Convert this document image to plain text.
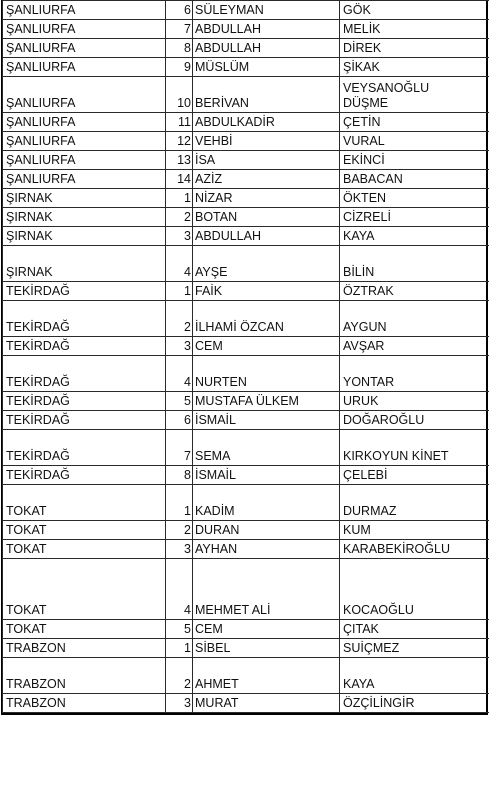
ŞANLIURFA	6	SÜLEYMAN	GÖK
ŞANLIURFA	7	ABDULLAH	MELİK
ŞANLIURFA	8	ABDULLAH	DİREK
ŞANLIURFA	9	MÜSLÜM	ŞİKAK
ŞANLIURFA	10	BERİVAN	VEYSANOĞLU
DÜŞME
ŞANLIURFA	11	ABDULKADİR	ÇETİN
ŞANLIURFA	12	VEHBİ	VURAL
ŞANLIURFA	13	İSA	EKİNCİ
ŞANLIURFA	14	AZİZ	BABACAN
ŞIRNAK	1	NİZAR	ÖKTEN
ŞIRNAK	2	BOTAN	CİZRELİ
ŞIRNAK	3	ABDULLAH	KAYA
ŞIRNAK	4	AYŞE	BİLİN
TEKİRDAĞ	1	FAİK	ÖZTRAK
TEKİRDAĞ	2	İLHAMİ ÖZCAN	AYGUN
TEKİRDAĞ	3	CEM	AVŞAR
TEKİRDAĞ	4	NURTEN	YONTAR
TEKİRDAĞ	5	MUSTAFA ÜLKEM	URUK
TEKİRDAĞ	6	İSMAİL	DOĞAROĞLU
TEKİRDAĞ	7	SEMA	KIRKOYUN KİNET
TEKİRDAĞ	8	İSMAİL	ÇELEBİ
TOKAT	1	KADİM	DURMAZ
TOKAT	2	DURAN	KUM
TOKAT	3	AYHAN	KARABEKİROĞLU
TOKAT	4	MEHMET ALİ	KOCAOĞLU
TOKAT	5	CEM	ÇITAK
TRABZON	1	SİBEL	SUİÇMEZ
TRABZON	2	AHMET	KAYA
TRABZON	3	MURAT	ÖZÇİLİNGİR
